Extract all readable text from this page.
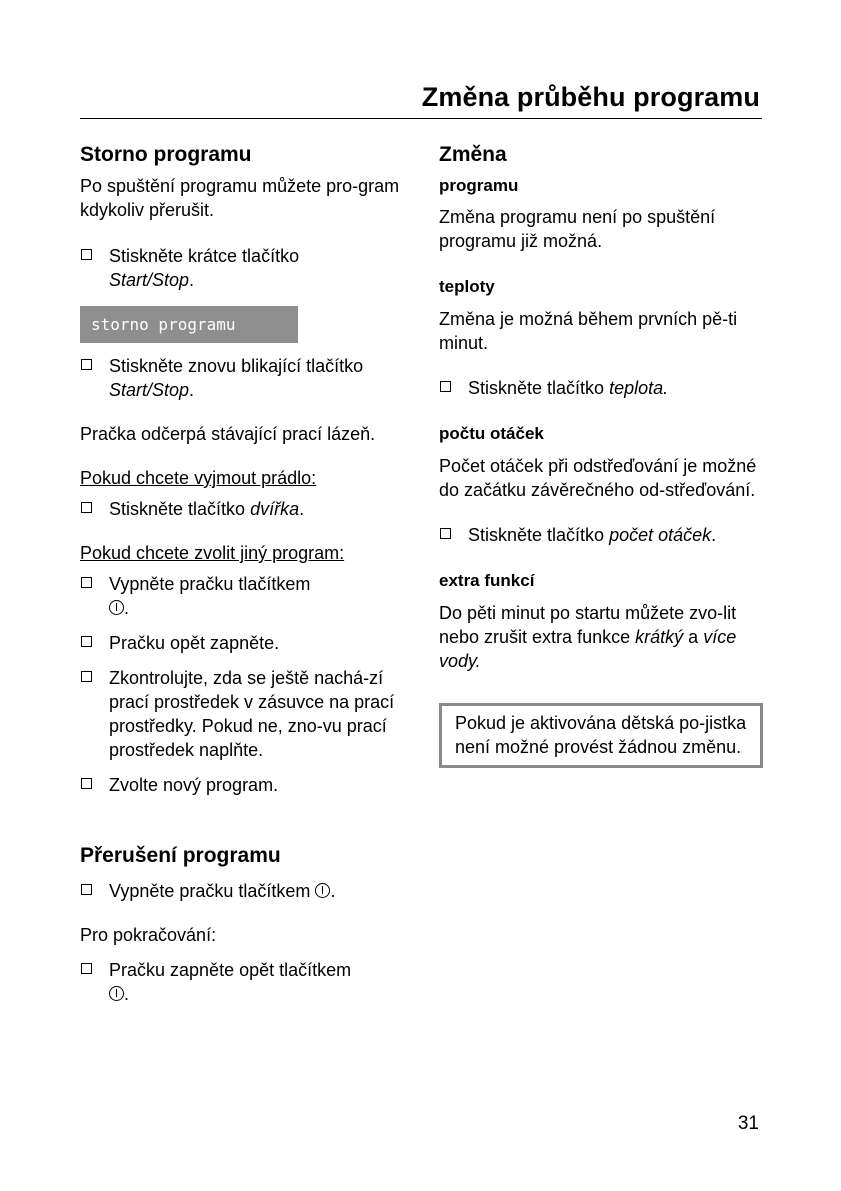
Změna průběhu programu
Storno programu

Po spuštění programu můžete pro-gram kdykoliv přerušit.

Stiskněte krátce tlačítko
Start/Stop.
storno programu
Stiskněte znovu blikající tlačítko
Start/Stop.

Pračka odčerpá stávající prací lázeň.

Pokud chcete vyjmout prádlo:

Stiskněte tlačítko dvířka.

Pokud chcete zvolit jiný program:

Vypněte pračku tlačítkem
.
Pračku opět zapněte.
Zkontrolujte, zda se ještě nachá-zí prací prostředek v zásuvce na prací prostředky. Pokud ne, zno-vu prací prostředek naplňte.
Zvolte nový program.
Přerušení programu
Vypněte pračku tlačítkem .

Pro pokračování:

Pračku zapněte opět tlačítkem
.
Změna
programu

Změna programu není po spuštění programu již možná.

teploty

Změna je možná během prvních pě-ti minut.

Stiskněte tlačítko teplota.
počtu otáček

Počet otáček při odstřeďování je možné do začátku závěrečného od-střeďování.

Stiskněte tlačítko počet otáček.
extra funkcí

Do pěti minut po startu můžete zvo-lit nebo zrušit extra funkce krátký a více vody.

Pokud je aktivována dětská po-jistka není možné provést žádnou změnu.

31
